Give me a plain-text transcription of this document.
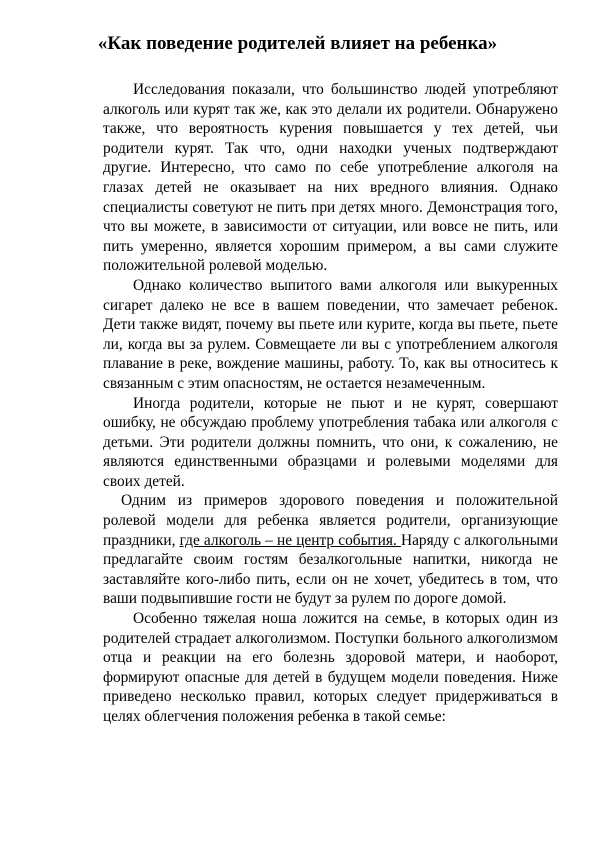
«Как поведение родителей влияет на ребенка»

Исследования показали, что большинство людей употребляют алкоголь или курят так же, как это делали их родители. Обнаружено также, что вероятность курения повышается у тех детей, чьи родители курят. Так что, одни находки ученых подтверждают другие. Интересно, что само по себе употребление алкоголя на глазах детей не оказывает на них вредного влияния. Однако специалисты советуют не пить при детях много. Демонстрация того, что вы можете, в зависимости от ситуации, или вовсе не пить, или пить умеренно, является хорошим примером, а вы сами служите положительной ролевой моделью.

Однако количество выпитого вами алкоголя или выкуренных сигарет далеко не все в вашем поведении, что замечает ребенок. Дети также видят, почему вы пьете или курите, когда вы пьете, пьете ли, когда вы за рулем. Совмещаете ли вы с употреблением алкоголя плавание в реке, вождение машины, работу. То, как вы относитесь к связанным с этим опасностям, не остается незамеченным.

Иногда родители, которые не пьют и не курят, совершают ошибку, не обсуждаю проблему употребления табака или алкоголя с детьми. Эти родители должны помнить, что они, к сожалению, не являются единственными образцами и ролевыми моделями для своих детей.

Одним из примеров здорового поведения и положительной ролевой модели для ребенка является родители, организующие праздники, где алкоголь – не центр события. Наряду с алкогольными предлагайте своим гостям безалкогольные напитки, никогда не заставляйте кого-либо пить, если он не хочет, убедитесь в том, что ваши подвыпившие гости не будут за рулем по дороге домой.

Особенно тяжелая ноша ложится на семье, в которых один из родителей страдает алкоголизмом. Поступки больного алкоголизмом отца и реакции на его болезнь здоровой матери, и наоборот, формируют опасные для детей в будущем модели поведения. Ниже приведено несколько правил, которых следует придерживаться в целях облегчения положения ребенка в такой семье:
